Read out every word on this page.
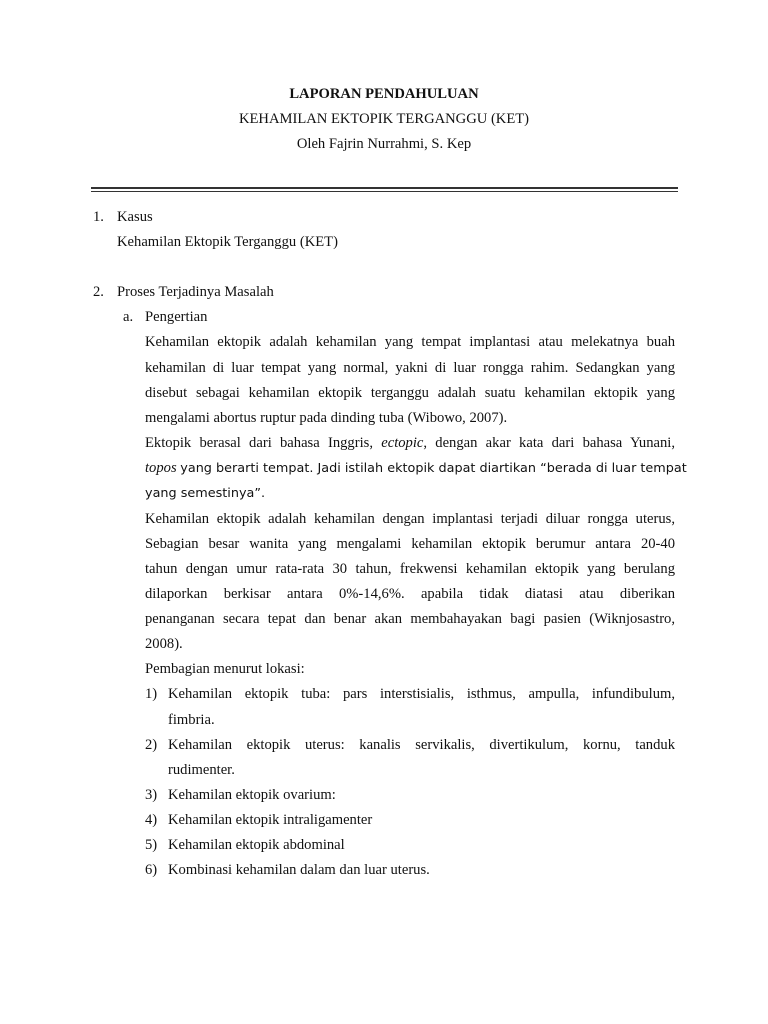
LAPORAN PENDAHULUAN
KEHAMILAN EKTOPIK TERGANGGU (KET)
Oleh Fajrin Nurrahmi, S. Kep
1. Kasus
Kehamilan Ektopik Terganggu (KET)
2. Proses Terjadinya Masalah
a. Pengertian
Kehamilan ektopik adalah kehamilan yang tempat implantasi atau melekatnya buah
kehamilan di luar tempat yang normal, yakni di luar rongga rahim. Sedangkan yang
disebut sebagai kehamilan ektopik terganggu adalah suatu kehamilan ektopik yang
mengalami abortus ruptur pada dinding tuba (Wibowo, 2007).
Ektopik berasal dari bahasa Inggris, ectopic, dengan akar kata dari bahasa Yunani,
topos yang berarti tempat. Jadi istilah ektopik dapat diartikan “berada di luar tempat
yang semestinya”.
Kehamilan ektopik adalah kehamilan dengan implantasi terjadi diluar rongga uterus,
Sebagian besar wanita yang mengalami kehamilan ektopik berumur antara 20-40
tahun dengan umur rata-rata 30 tahun, frekwensi kehamilan ektopik yang berulang
dilaporkan berkisar antara 0%-14,6%. apabila tidak diatasi atau diberikan
penanganan secara tepat dan benar akan membahayakan bagi pasien (Wiknjosastro,
2008).
Pembagian menurut lokasi:
1) Kehamilan ektopik tuba: pars interstisialis, isthmus, ampulla, infundibulum,
fimbria.
2) Kehamilan ektopik uterus: kanalis servikalis, divertikulum, kornu, tanduk
rudimenter.
3) Kehamilan ektopik ovarium:
4) Kehamilan ektopik intraligamenter
5) Kehamilan ektopik abdominal
6) Kombinasi kehamilan dalam dan luar uterus.
